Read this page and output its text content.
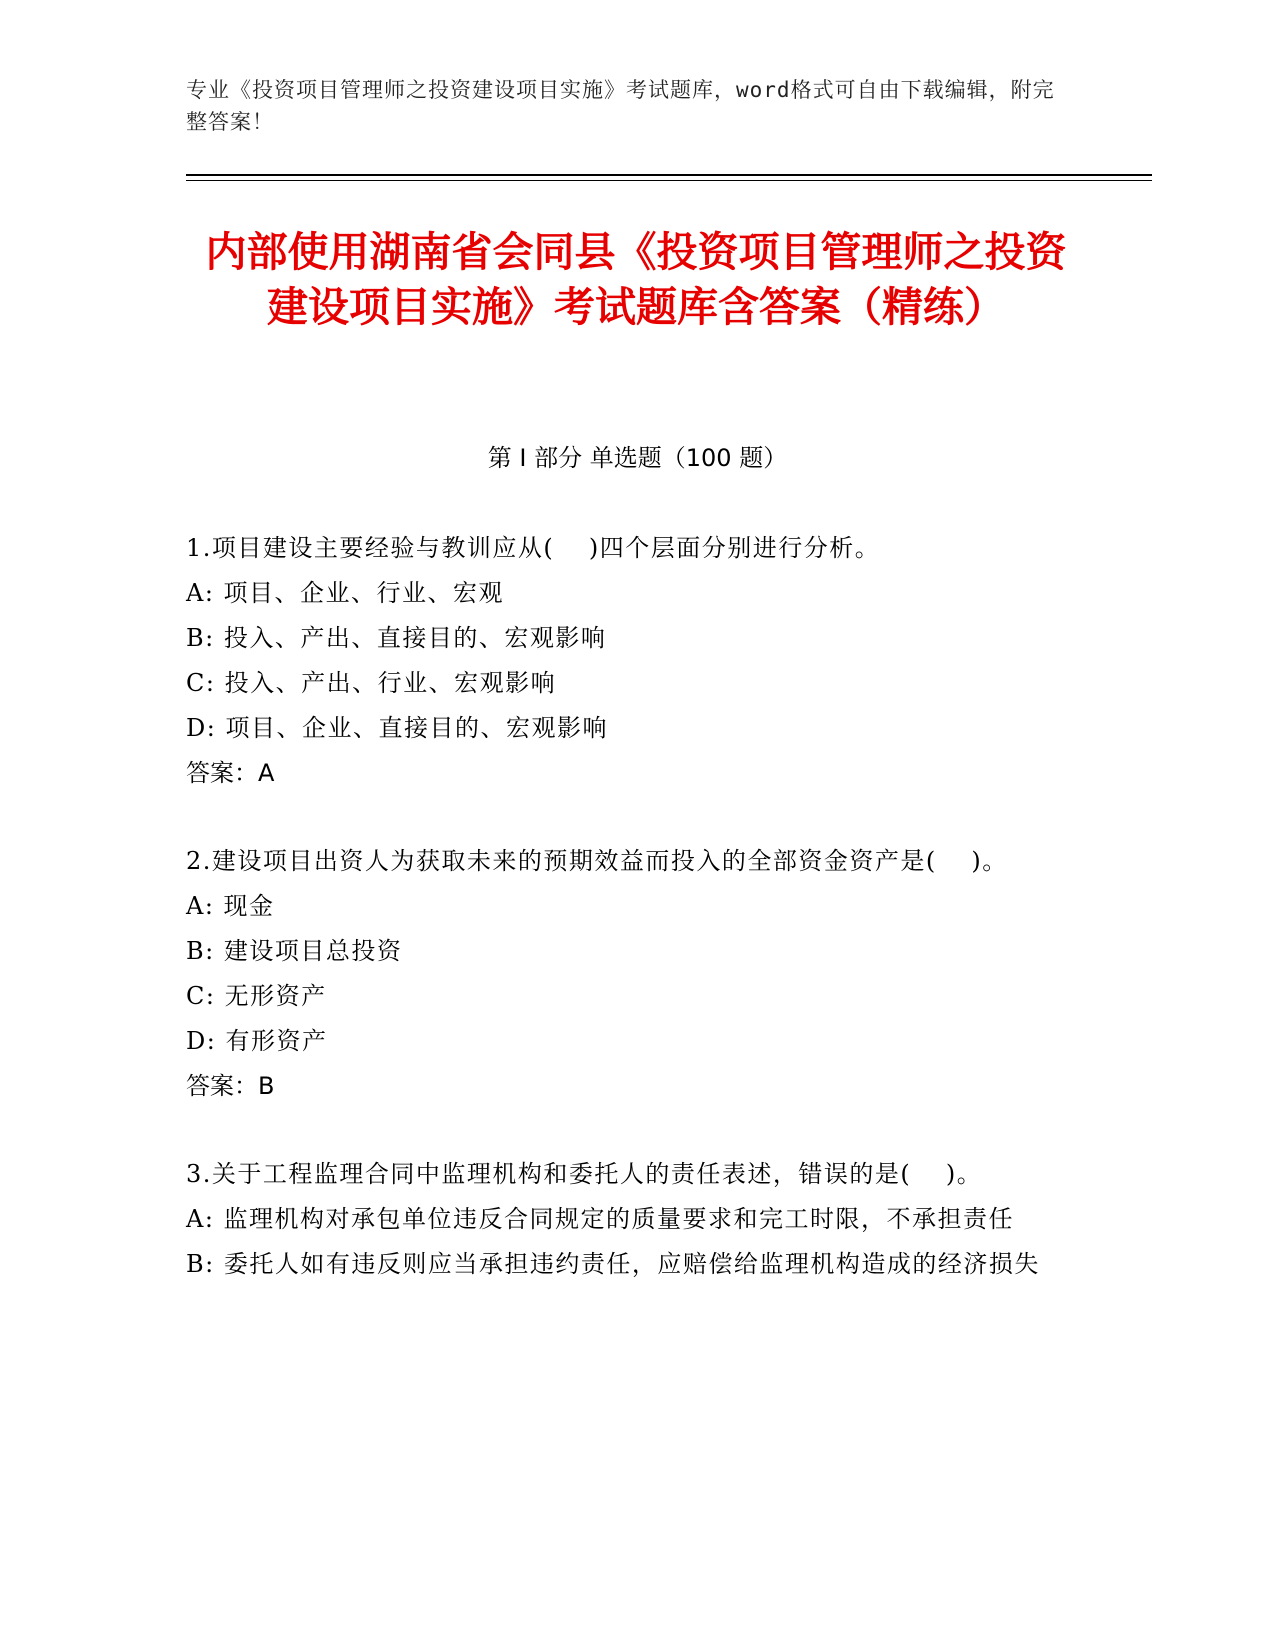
专业《投资项目管理师之投资建设项目实施》考试题库，word格式可自由下载编辑，附完整答案！
内部使用湖南省会同县《投资项目管理师之投资建设项目实施》考试题库含答案（精练）
第 I 部分 单选题（100 题）
1.项目建设主要经验与教训应从(　 )四个层面分别进行分析。
A: 项目、企业、行业、宏观
B: 投入、产出、直接目的、宏观影响
C: 投入、产出、行业、宏观影响
D: 项目、企业、直接目的、宏观影响
答案：A
2.建设项目出资人为获取未来的预期效益而投入的全部资金资产是(　 )。
A: 现金
B: 建设项目总投资
C: 无形资产
D: 有形资产
答案：B
3.关于工程监理合同中监理机构和委托人的责任表述，错误的是(　 )。
A: 监理机构对承包单位违反合同规定的质量要求和完工时限，不承担责任
B: 委托人如有违反则应当承担违约责任，应赔偿给监理机构造成的经济损失
